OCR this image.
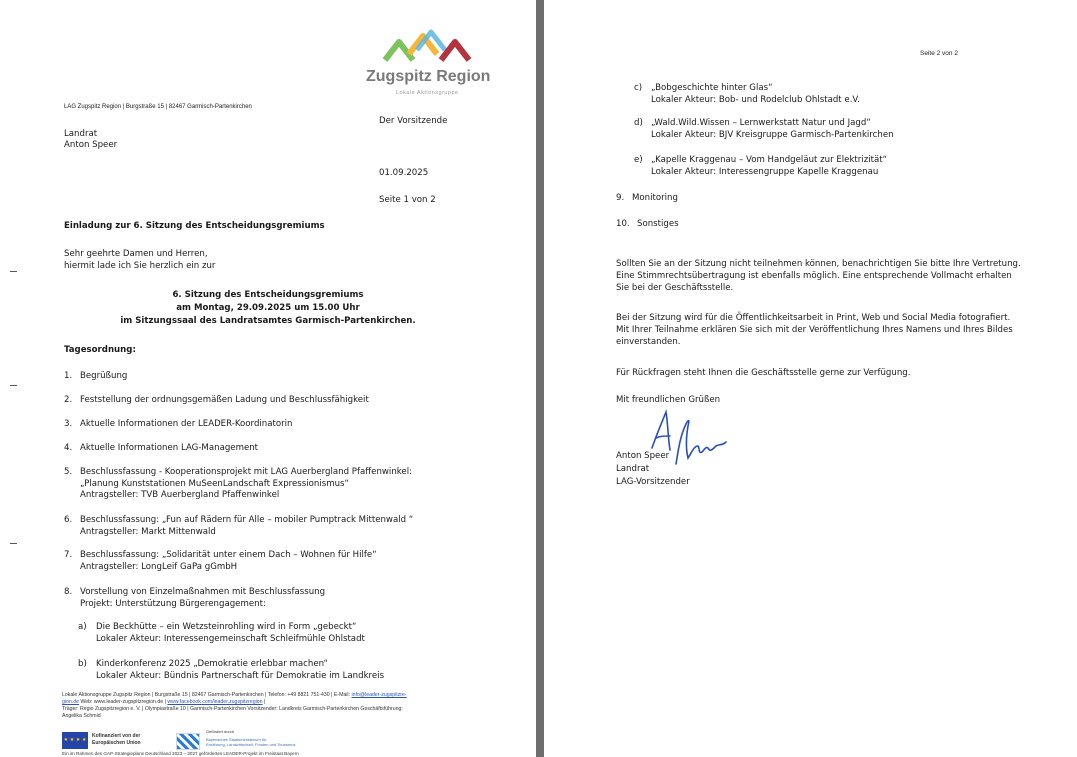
Zugspitz Region
Lokale Aktionsgruppe
LAG Zugspitz Region | Burgstraße 15 | 82467 Garmisch-Partenkirchen
Landrat
Anton Speer
Der Vorsitzende
01.09.2025
Seite 1 von 2
Einladung zur 6. Sitzung des Entscheidungsgremiums
Sehr geehrte Damen und Herren,
hiermit lade ich Sie herzlich ein zur
6. Sitzung des Entscheidungsgremiums
am Montag, 29.09.2025 um 15.00 Uhr
im Sitzungssaal des Landratsamtes Garmisch-Partenkirchen.
Tagesordnung:
1. Begrüßung
2. Feststellung der ordnungsgemäßen Ladung und Beschlussfähigkeit
3. Aktuelle Informationen der LEADER-Koordinatorin
4. Aktuelle Informationen LAG-Management
5. Beschlussfassung - Kooperationsprojekt mit LAG Auerbergland Pfaffenwinkel:
„Planung Kunststationen MuSeenLandschaft Expressionismus“
Antragsteller: TVB Auerbergland Pfaffenwinkel
6. Beschlussfassung: „Fun auf Rädern für Alle – mobiler Pumptrack Mittenwald “
Antragsteller: Markt Mittenwald
7. Beschlussfassung: „Solidarität unter einem Dach – Wohnen für Hilfe“
Antragsteller: LongLeif GaPa gGmbH
8. Vorstellung von Einzelmaßnahmen mit Beschlussfassung
Projekt: Unterstützung Bürgerengagement:
a) Die Beckhütte – ein Wetzsteinrohling wird in Form „gebeckt“
Lokaler Akteur: Interessengemeinschaft Schleifmühle Ohlstadt
b) Kinderkonferenz 2025 „Demokratie erlebbar machen“
Lokaler Akteur: Bündnis Partnerschaft für Demokratie im Landkreis
Lokale Aktionsgruppe Zugspitz Region | Burgstraße 15 | 82467 Garmisch-Partenkirchen | Telefon: +49 8821 751-430 | E-Mail: info@leader-zugspitzre-
gion.de Web: www.leader-zugspitzregion.de | www.facebook.com/leader.zugspitzregion |
Träger: Regio Zugspitzregion e. V. | Olympiastraße 10 | Garmisch-Partenkirchen Vorsitzender: Landkreis Garmisch-Partenkirchen Geschäftsführung:
Angelika Schmid
★ ★ ★ ★
Kofinanziert von der
Europäischen Union
Gefördert durch
Bayerisches Staatsministerium für
Ernährung, Landwirtschaft, Forsten und Tourismus
Ein im Rahmen des GAP-Strategieplans Deutschland 2023 – 2027 gefördertes LEADER-Projekt im Freistaat Bayern
Seite 2 von 2
c) „Bobgeschichte hinter Glas“
Lokaler Akteur: Bob- und Rodelclub Ohlstadt e.V.
d) „Wald.Wild.Wissen – Lernwerkstatt Natur und Jagd“
Lokaler Akteur: BJV Kreisgruppe Garmisch-Partenkirchen
e) „Kapelle Kraggenau – Vom Handgeläut zur Elektrizität“
Lokaler Akteur: Interessengruppe Kapelle Kraggenau
9. Monitoring
10. Sonstiges
Sollten Sie an der Sitzung nicht teilnehmen können, benachrichtigen Sie bitte Ihre Vertretung.
Eine Stimmrechtsübertragung ist ebenfalls möglich. Eine entsprechende Vollmacht erhalten
Sie bei der Geschäftsstelle.
Bei der Sitzung wird für die Öffentlichkeitsarbeit in Print, Web und Social Media fotografiert.
Mit Ihrer Teilnahme erklären Sie sich mit der Veröffentlichung Ihres Namens und Ihres Bildes
einverstanden.
Für Rückfragen steht Ihnen die Geschäftsstelle gerne zur Verfügung.
Mit freundlichen Grüßen
Anton Speer
Landrat
LAG-Vorsitzender
